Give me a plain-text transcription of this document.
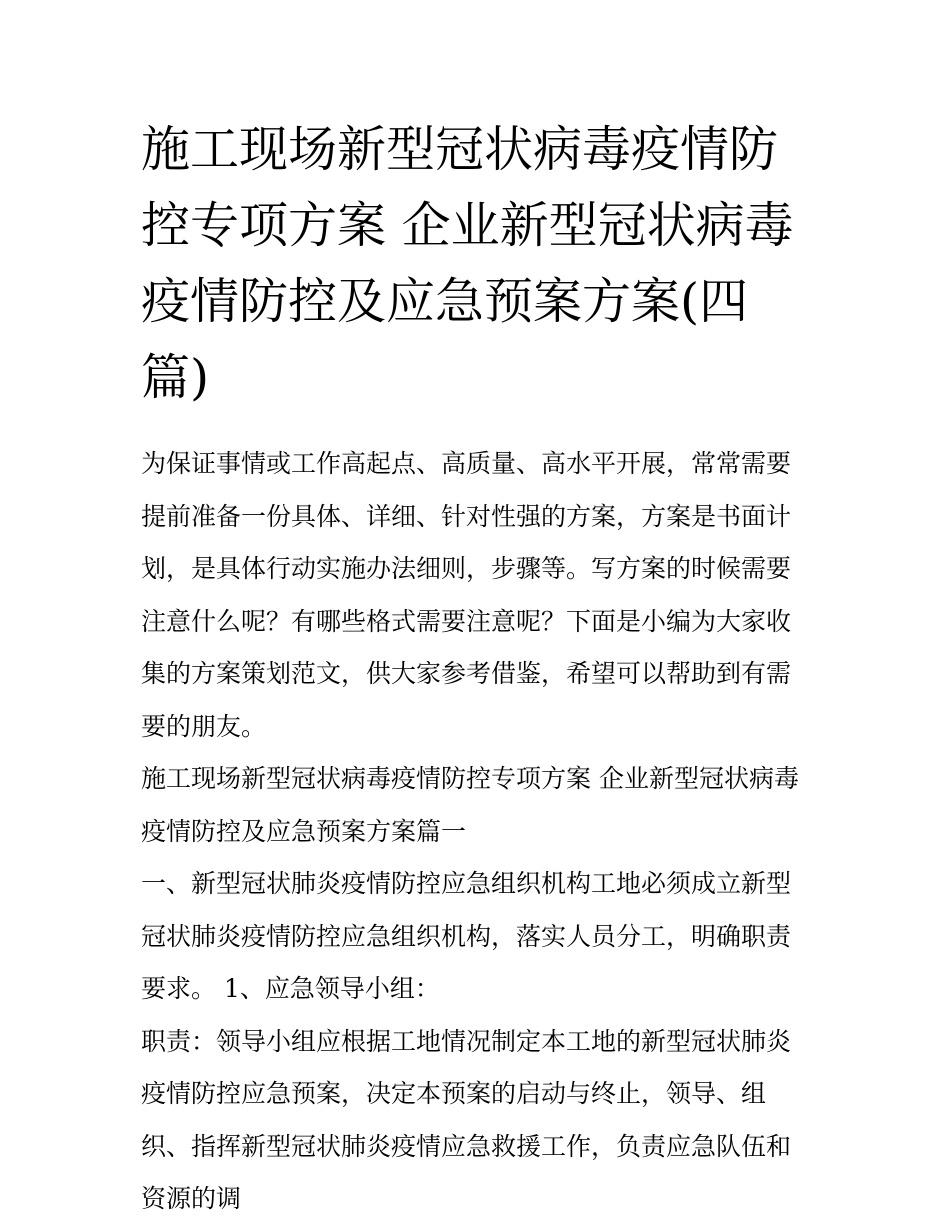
施工现场新型冠状病毒疫情防控专项方案 企业新型冠状病毒疫情防控及应急预案方案(四篇)

为保证事情或工作高起点、高质量、高水平开展，常常需要提前准备一份具体、详细、针对性强的方案，方案是书面计划，是具体行动实施办法细则，步骤等。写方案的时候需要注意什么呢？有哪些格式需要注意呢？下面是小编为大家收集的方案策划范文，供大家参考借鉴，希望可以帮助到有需要的朋友。

施工现场新型冠状病毒疫情防控专项方案 企业新型冠状病毒疫情防控及应急预案方案篇一

一、新型冠状肺炎疫情防控应急组织机构工地必须成立新型冠状肺炎疫情防控应急组织机构，落实人员分工，明确职责要求。 1、应急领导小组：

职责：领导小组应根据工地情况制定本工地的新型冠状肺炎疫情防控应急预案，决定本预案的启动与终止，领导、组织、指挥新型冠状肺炎疫情应急救援工作，负责应急队伍和资源的调
